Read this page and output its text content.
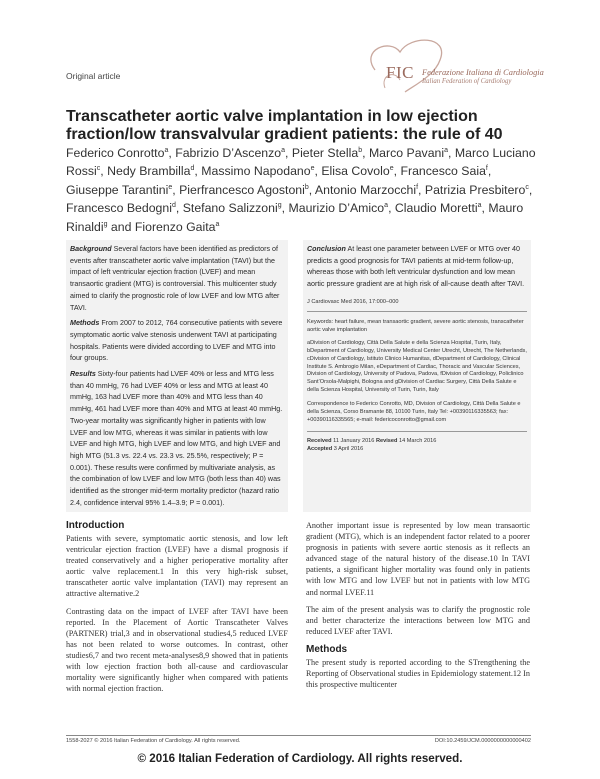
Original article	FIC Federazione Italiana di Cardiologia
Italian Federation of Cardiology
Transcatheter aortic valve implantation in low ejection
fraction/low transvalvular gradient patients: the rule of 40
Federico Conrotto$^a$, Fabrizio D’Ascenzo$^a$, Pieter Stella$^b$, Marco Pavani$^a$, Marco Luciano Rossi$^c$, Nedy Brambilla$^d$, Massimo Napodano$^e$, Elisa Covolo$^e$, Francesco Saia$^f$, Giuseppe Tarantini$^e$, Pierfrancesco Agostoni$^b$, Antonio Marzocchi$^f$, Patrizia Presbitero$^c$, Francesco Bedogni$^d$, Stefano Salizzoni$^g$, Maurizio D’Amico$^a$, Claudio Moretti$^a$, Mauro Rinaldi$^g$ and Fiorenzo Gaita$^a$

Background Several factors have been identified as predictors of events after transcatheter aortic valve implantation (TAVI) but the impact of left ventricular ejection fraction (LVEF) and mean transaortic gradient (MTG) is controversial. This multicenter study aimed to clarify the prognostic role of low LVEF and low MTG after TAVI.

Methods From 2007 to 2012, 764 consecutive patients with severe symptomatic aortic valve stenosis underwent TAVI at participating hospitals. Patients were divided according to LVEF and MTG into four groups.

Results Sixty-four patients had LVEF 40% or less and MTG less than 40 mmHg, 76 had LVEF 40% or less and MTG at least 40 mmHg, 163 had LVEF more than 40% and MTG less than 40 mmHg, 461 had LVEF more than 40% and MTG at least 40 mmHg. Two-year mortality was significantly higher in patients with low LVEF and low MTG, whereas it was similar in patients with low LVEF and high MTG, high LVEF and low MTG, and high LVEF and high MTG (51.3 vs. 22.4 vs. 23.3 vs. 25.5%, respectively; P = 0.001). These results were confirmed by multivariate analysis, as the combination of low LVEF and low MTG (both less than 40) was identified as the stronger mid-term mortality predictor (hazard ratio 2.4, confidence interval 95% 1.4–3.9; P = 0.001).

Conclusion At least one parameter between LVEF or MTG over 40 predicts a good prognosis for TAVI patients at mid-term follow-up, whereas those with both left ventricular dysfunction and low mean aortic pressure gradient are at high risk of all-cause death after TAVI.

J Cardiovasc Med 2016, 17:000–000
Keywords: heart failure, mean transaortic gradient, severe aortic stenosis, transcatheter aortic valve implantation
aDivision of Cardiology, Città Della Salute e della Scienza Hospital, Turin, Italy, bDepartment of Cardiology, University Medical Center Utrecht, Utrecht, The Netherlands, cDivision of Cardiology, Istituto Clinico Humanitas, dDepartment of Cardiology, Clinical Institute S. Ambrogio Milan, eDepartment of Cardiac, Thoracic and Vascular Sciences, Division of Cardiology, University of Padova, Padova, fDivision of Cardiology, Policlinico Sant’Orsola-Malpighi, Bologna and gDivision of Cardiac Surgery, Città Della Salute e della Scienza Hospital, University of Turin, Turin, Italy
Correspondence to Federico Conrotto, MD, Division of Cardiology, Città Della Salute e della Scienza, Corso Bramante 88, 10100 Turin, Italy Tel: +00390116335563; fax: +00390116335565; e-mail: federicoconrotto@gmail.com
Received 11 January 2016 Revised 14 March 2016
Accepted 3 April 2016
Introduction

Patients with severe, symptomatic aortic stenosis, and low left ventricular ejection fraction (LVEF) have a dismal prognosis if treated conservatively and a higher perioperative mortality after aortic valve replacement.1 In this very high-risk subset, transcatheter aortic valve implantation (TAVI) may represent an attractive alternative.2

Contrasting data on the impact of LVEF after TAVI have been reported. In the Placement of Aortic Transcatheter Valves (PARTNER) trial,3 and in observational studies4,5 reduced LVEF has not been related to worse outcomes. In contrast, other studies6,7 and two recent meta-analyses8,9 showed that in patients with low ejection fraction both all-cause and cardiovascular mortality were significantly higher when compared with patients with normal ejection fraction.

Another important issue is represented by low mean transaortic gradient (MTG), which is an independent factor related to a poorer prognosis in patients with severe aortic stenosis as it reflects an advanced stage of the natural history of the disease.10 In TAVI patients, a significant higher mortality was found only in patients with low MTG and low LVEF but not in patients with low MTG and normal LVEF.11

The aim of the present analysis was to clarify the prognostic role and better characterize the interactions between low MTG and reduced LVEF after TAVI.

Methods

The present study is reported according to the STrengthening the Reporting of Observational studies in Epidemiology statement.12 In this prospective multicenter

1558-2027 © 2016 Italian Federation of Cardiology. All rights reserved.	DOI:10.2459/JCM.0000000000000402
© 2016 Italian Federation of Cardiology. All rights reserved.
